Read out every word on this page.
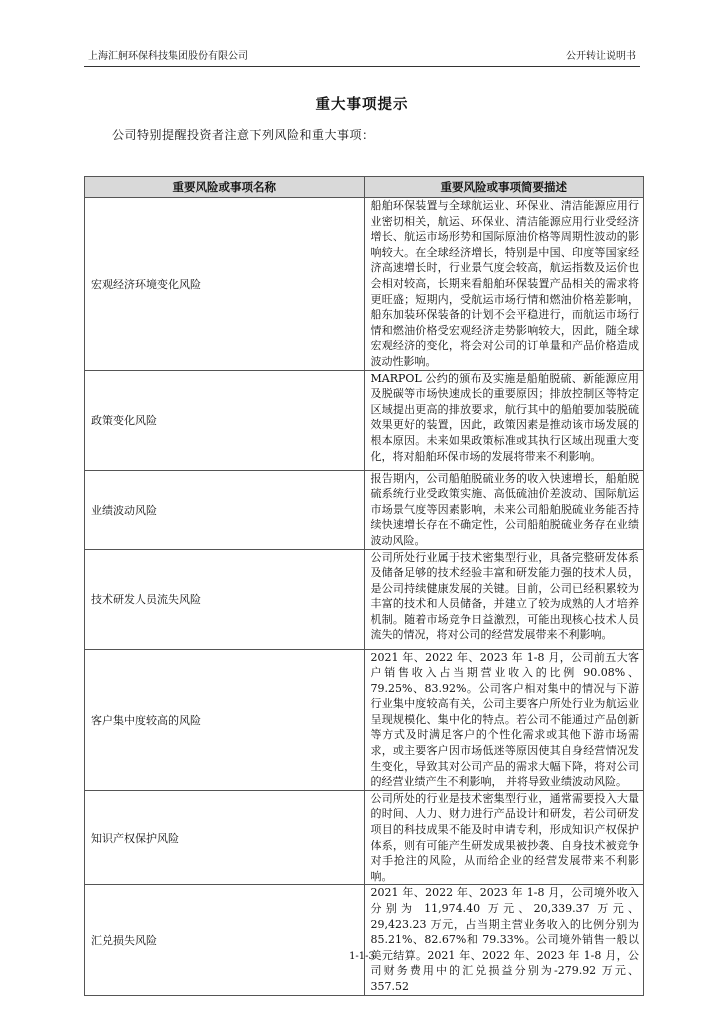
上海汇舸环保科技集团股份有限公司	公开转让说明书
重大事项提示
公司特别提醒投资者注意下列风险和重大事项：
重要风险或事项名称	重要风险或事项简要描述
宏观经济环境变化风险	船舶环保装置与全球航运业、环保业、清洁能源应用行业密切相关，航运、环保业、清洁能源应用行业受经济增长、航运市场形势和国际原油价格等周期性波动的影响较大。在全球经济增长，特别是中国、印度等国家经济高速增长时，行业景气度会较高，航运指数及运价也会相对较高，长期来看船舶环保装置产品相关的需求将更旺盛；短期内，受航运市场行情和燃油价格差影响，船东加装环保装备的计划不会平稳进行，而航运市场行情和燃油价格受宏观经济走势影响较大，因此，随全球宏观经济的变化，将会对公司的订单量和产品价格造成波动性影响。
政策变化风险	MARPOL 公约的颁布及实施是船舶脱硫、新能源应用及脱碳等市场快速成长的重要原因；排放控制区等特定区域提出更高的排放要求，航行其中的船舶要加装脱硫效果更好的装置，因此，政策因素是推动该市场发展的根本原因。未来如果政策标准或其执行区域出现重大变化，将对船舶环保市场的发展将带来不利影响。
业绩波动风险	报告期内，公司船舶脱硫业务的收入快速增长，船舶脱硫系统行业受政策实施、高低硫油价差波动、国际航运市场景气度等因素影响，未来公司船舶脱硫业务能否持续快速增长存在不确定性，公司船舶脱硫业务存在业绩波动风险。
技术研发人员流失风险	公司所处行业属于技术密集型行业，具备完整研发体系及储备足够的技术经验丰富和研发能力强的技术人员，是公司持续健康发展的关键。目前，公司已经积累较为丰富的技术和人员储备，并建立了较为成熟的人才培养机制。随着市场竞争日益激烈，可能出现核心技术人员流失的情况，将对公司的经营发展带来不利影响。
客户集中度较高的风险	2021 年、2022 年、2023 年 1-8 月，公司前五大客户销售收入占当期营业收入的比例 90.08%、79.25%、83.92%。公司客户相对集中的情况与下游行业集中度较高有关，公司主要客户所处行业为航运业呈现规模化、集中化的特点。若公司不能通过产品创新等方式及时满足客户的个性化需求或其他下游市场需求，或主要客户因市场低迷等原因使其自身经营情况发生变化，导致其对公司产品的需求大幅下降，将对公司的经营业绩产生不利影响， 并将导致业绩波动风险。
知识产权保护风险	公司所处的行业是技术密集型行业，通常需要投入大量的时间、人力、财力进行产品设计和研发，若公司研发项目的科技成果不能及时申请专利，形成知识产权保护体系，则有可能产生研发成果被抄袭、自身技术被竞争对手抢注的风险，从而给企业的经营发展带来不利影响。
汇兑损失风险	2021 年、2022 年、2023 年 1-8 月，公司境外收入分别为 11,974.40 万元、20,339.37 万元、29,423.23 万元，占当期主营业务收入的比例分别为 85.21%、82.67%和 79.33%。公司境外销售一般以美元结算。2021 年、2022 年、2023 年 1-8 月，公司财务费用中的汇兑损益分别为-279.92 万元、357.52
1-1-3
